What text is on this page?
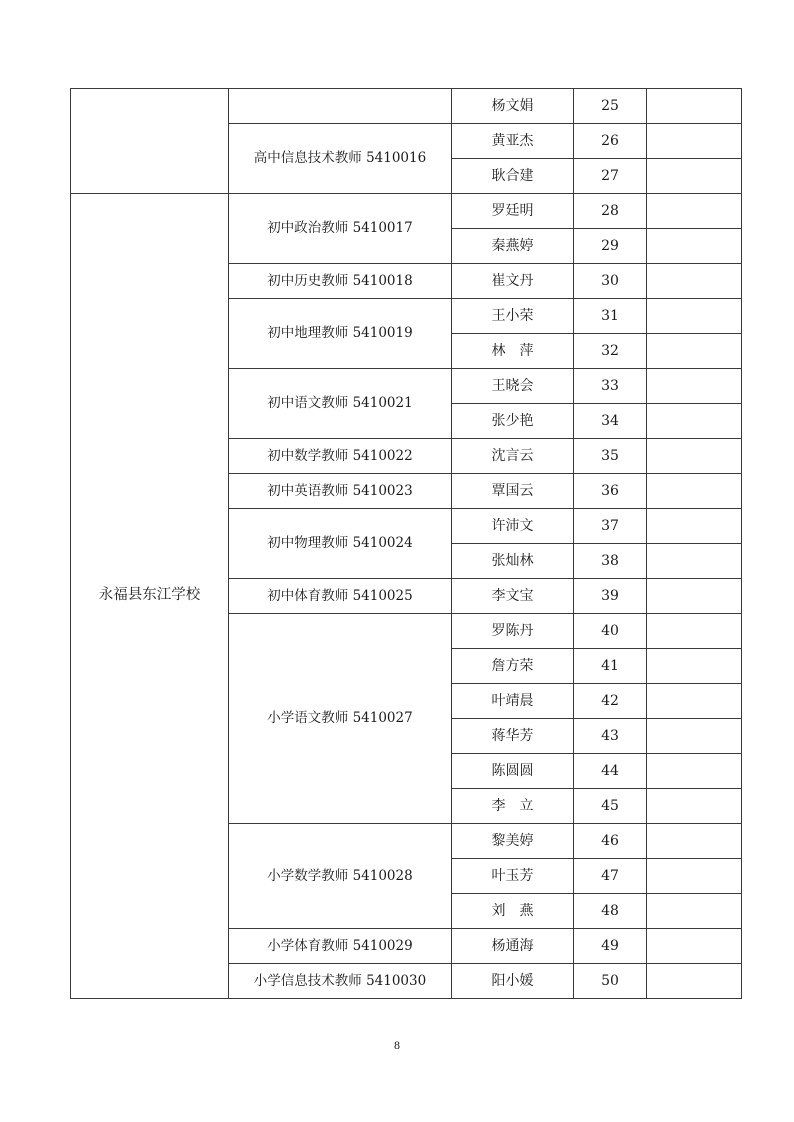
		杨文娟	25	
	高中信息技术教师 5410016	黄亚杰	26	
		耿合建	27	
永福县东江学校	初中政治教师 5410017	罗廷明	28	
		秦燕婷	29	
	初中历史教师 5410018	崔文丹	30	
	初中地理教师 5410019	王小荣	31	
		林　萍	32	
	初中语文教师 5410021	王晓会	33	
		张少艳	34	
	初中数学教师 5410022	沈言云	35	
	初中英语教师 5410023	覃国云	36	
	初中物理教师 5410024	许沛文	37	
		张灿林	38	
	初中体育教师 5410025	李文宝	39	
	小学语文教师 5410027	罗陈丹	40	
		詹方荣	41	
		叶靖晨	42	
		蒋华芳	43	
		陈圆圆	44	
		李　立	45	
	小学数学教师 5410028	黎美婷	46	
		叶玉芳	47	
		刘　燕	48	
	小学体育教师 5410029	杨通海	49	
	小学信息技术教师 5410030	阳小媛	50	
8
